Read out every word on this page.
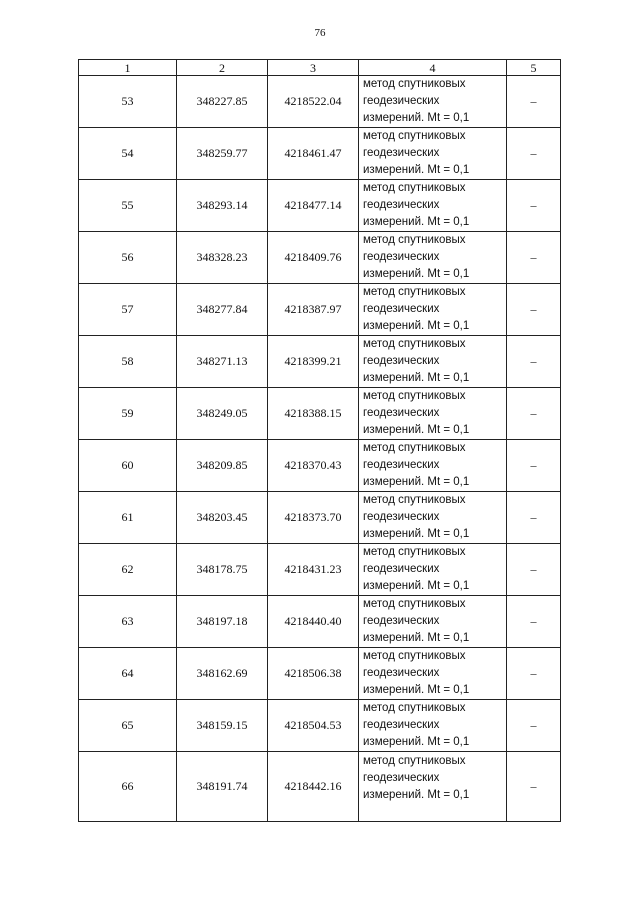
76
1	2	3	4	5
53	348227.85	4218522.04	метод спутниковых
геодезических
измерений. Mt = 0,1	–
54	348259.77	4218461.47	метод спутниковых
геодезических
измерений. Mt = 0,1	–
55	348293.14	4218477.14	метод спутниковых
геодезических
измерений. Mt = 0,1	–
56	348328.23	4218409.76	метод спутниковых
геодезических
измерений. Mt = 0,1	–
57	348277.84	4218387.97	метод спутниковых
геодезических
измерений. Mt = 0,1	–
58	348271.13	4218399.21	метод спутниковых
геодезических
измерений. Mt = 0,1	–
59	348249.05	4218388.15	метод спутниковых
геодезических
измерений. Mt = 0,1	–
60	348209.85	4218370.43	метод спутниковых
геодезических
измерений. Mt = 0,1	–
61	348203.45	4218373.70	метод спутниковых
геодезических
измерений. Mt = 0,1	–
62	348178.75	4218431.23	метод спутниковых
геодезических
измерений. Mt = 0,1	–
63	348197.18	4218440.40	метод спутниковых
геодезических
измерений. Mt = 0,1	–
64	348162.69	4218506.38	метод спутниковых
геодезических
измерений. Mt = 0,1	–
65	348159.15	4218504.53	метод спутниковых
геодезических
измерений. Mt = 0,1	–
66	348191.74	4218442.16	метод спутниковых
геодезических
измерений. Mt = 0,1	–
